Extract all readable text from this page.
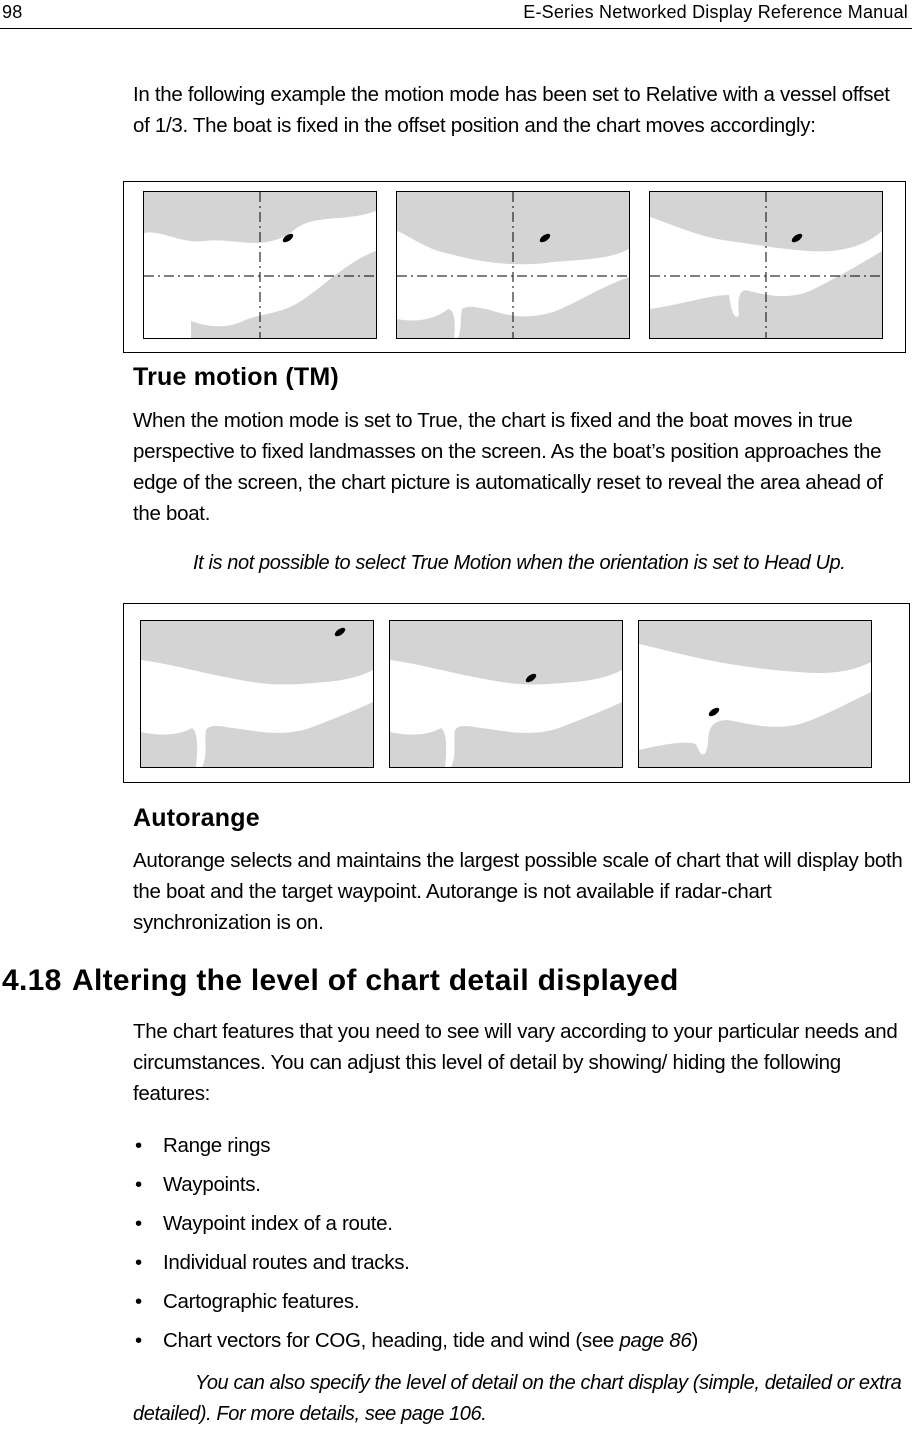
98	E-Series Networked Display Reference Manual
In the following example the motion mode has been set to Relative with a vessel offset of 1/3. The boat is fixed in the offset position and the chart moves accordingly:
True motion (TM)
When the motion mode is set to True, the chart is fixed and the boat moves in true perspective to fixed landmasses on the screen. As the boat’s position approaches the edge of the screen, the chart picture is automatically reset to reveal the area ahead of the boat.
It is not possible to select True Motion when the orientation is set to Head Up.
Autorange
Autorange selects and maintains the largest possible scale of chart that will display both the boat and the target waypoint. Autorange is not available if radar-chart synchronization is on.
4.18 Altering the level of chart detail displayed
The chart features that you need to see will vary according to your particular needs and circumstances. You can adjust this level of detail by showing/ hiding the following features:
• Range rings
• Waypoints.
• Waypoint index of a route.
• Individual routes and tracks.
• Cartographic features.
• Chart vectors for COG, heading, tide and wind (see page 86)
You can also specify the level of detail on the chart display (simple, detailed or extra detailed). For more details, see page 106.
